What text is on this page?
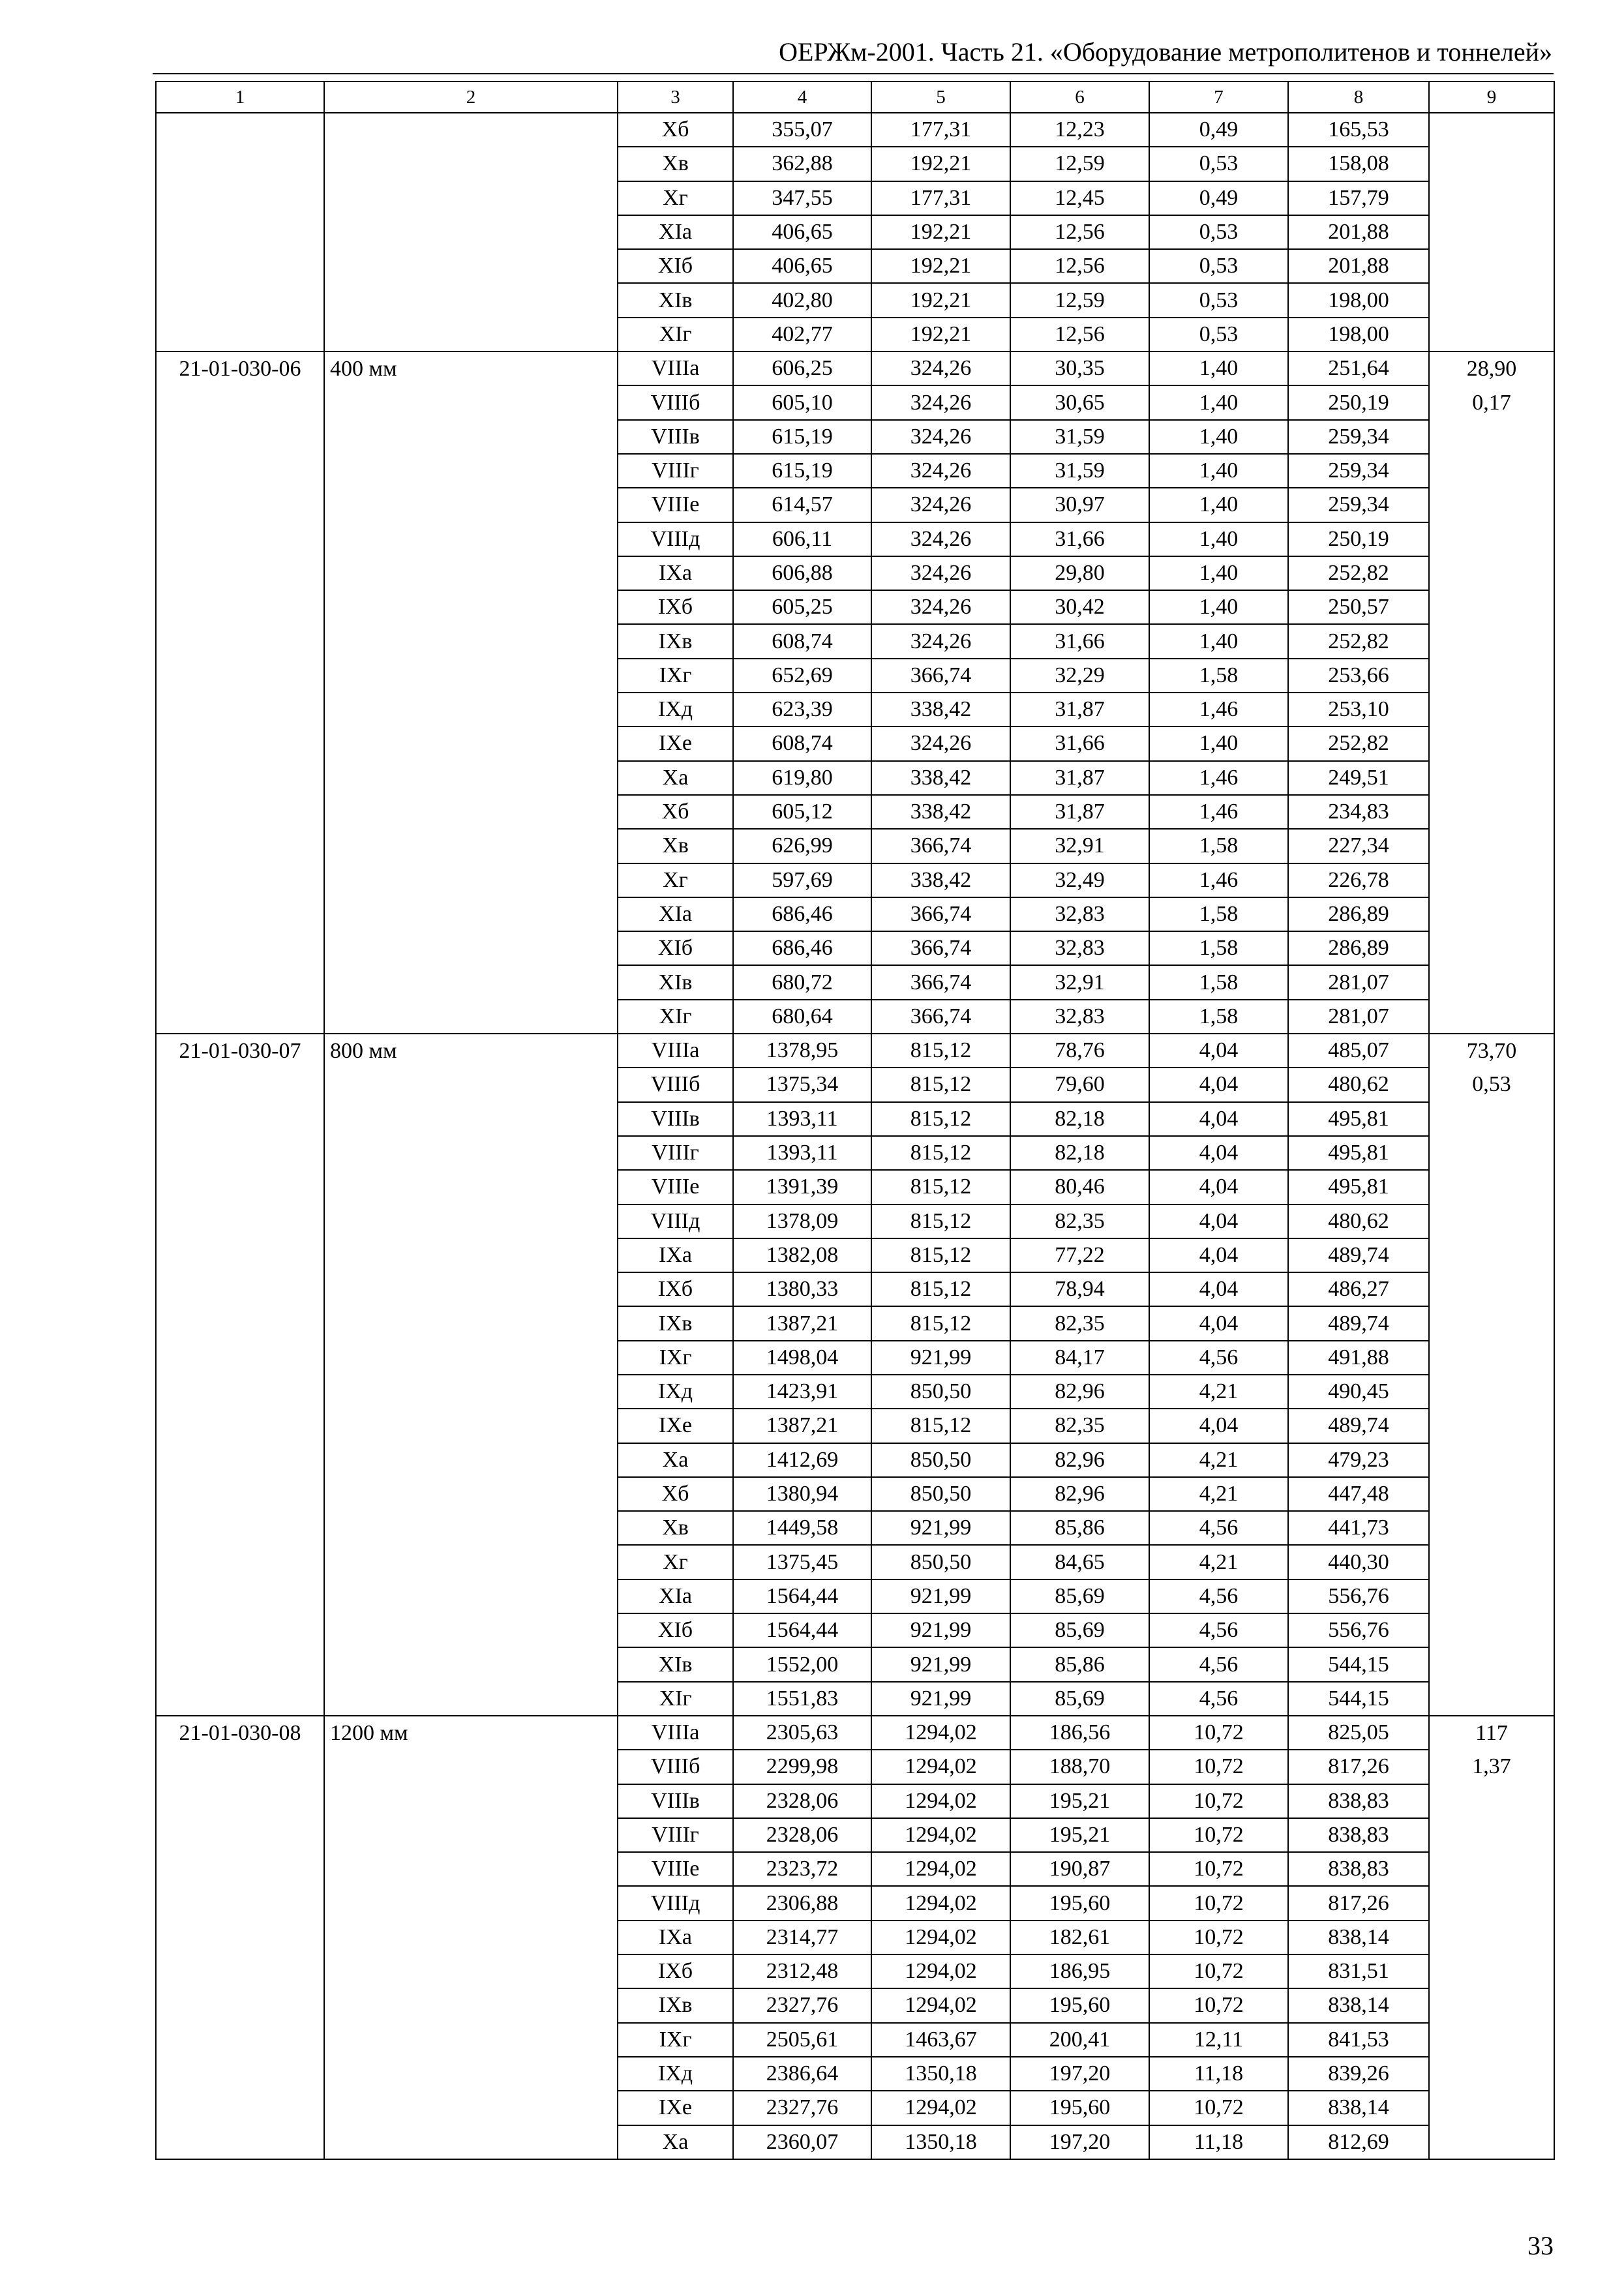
ОЕРЖм-2001. Часть 21. «Оборудование метрополитенов и тоннелей»
1	2	3	4	5	6	7	8	9
		Хб	355,07	177,31	12,23	0,49	165,53	
		Хв	362,88	192,21	12,59	0,53	158,08	
		Хг	347,55	177,31	12,45	0,49	157,79	
		ХIа	406,65	192,21	12,56	0,53	201,88	
		ХIб	406,65	192,21	12,56	0,53	201,88	
		ХIв	402,80	192,21	12,59	0,53	198,00	
		ХIг	402,77	192,21	12,56	0,53	198,00	
21-01-030-06	400 мм	VIIIа	606,25	324,26	30,35	1,40	251,64	28,90
		VIIIб	605,10	324,26	30,65	1,40	250,19	0,17
		VIIIв	615,19	324,26	31,59	1,40	259,34	
		VIIIг	615,19	324,26	31,59	1,40	259,34	
		VIIIе	614,57	324,26	30,97	1,40	259,34	
		VIIIд	606,11	324,26	31,66	1,40	250,19	
		IХа	606,88	324,26	29,80	1,40	252,82	
		IХб	605,25	324,26	30,42	1,40	250,57	
		IХв	608,74	324,26	31,66	1,40	252,82	
		IХг	652,69	366,74	32,29	1,58	253,66	
		IХд	623,39	338,42	31,87	1,46	253,10	
		IХе	608,74	324,26	31,66	1,40	252,82	
		Ха	619,80	338,42	31,87	1,46	249,51	
		Хб	605,12	338,42	31,87	1,46	234,83	
		Хв	626,99	366,74	32,91	1,58	227,34	
		Хг	597,69	338,42	32,49	1,46	226,78	
		ХIа	686,46	366,74	32,83	1,58	286,89	
		ХIб	686,46	366,74	32,83	1,58	286,89	
		ХIв	680,72	366,74	32,91	1,58	281,07	
		ХIг	680,64	366,74	32,83	1,58	281,07	
21-01-030-07	800 мм	VIIIа	1378,95	815,12	78,76	4,04	485,07	73,70
		VIIIб	1375,34	815,12	79,60	4,04	480,62	0,53
		VIIIв	1393,11	815,12	82,18	4,04	495,81	
		VIIIг	1393,11	815,12	82,18	4,04	495,81	
		VIIIе	1391,39	815,12	80,46	4,04	495,81	
		VIIIд	1378,09	815,12	82,35	4,04	480,62	
		IХа	1382,08	815,12	77,22	4,04	489,74	
		IХб	1380,33	815,12	78,94	4,04	486,27	
		IХв	1387,21	815,12	82,35	4,04	489,74	
		IХг	1498,04	921,99	84,17	4,56	491,88	
		IХд	1423,91	850,50	82,96	4,21	490,45	
		IХе	1387,21	815,12	82,35	4,04	489,74	
		Ха	1412,69	850,50	82,96	4,21	479,23	
		Хб	1380,94	850,50	82,96	4,21	447,48	
		Хв	1449,58	921,99	85,86	4,56	441,73	
		Хг	1375,45	850,50	84,65	4,21	440,30	
		ХIа	1564,44	921,99	85,69	4,56	556,76	
		ХIб	1564,44	921,99	85,69	4,56	556,76	
		ХIв	1552,00	921,99	85,86	4,56	544,15	
		ХIг	1551,83	921,99	85,69	4,56	544,15	
21-01-030-08	1200 мм	VIIIа	2305,63	1294,02	186,56	10,72	825,05	117
		VIIIб	2299,98	1294,02	188,70	10,72	817,26	1,37
		VIIIв	2328,06	1294,02	195,21	10,72	838,83	
		VIIIг	2328,06	1294,02	195,21	10,72	838,83	
		VIIIе	2323,72	1294,02	190,87	10,72	838,83	
		VIIIд	2306,88	1294,02	195,60	10,72	817,26	
		IХа	2314,77	1294,02	182,61	10,72	838,14	
		IХб	2312,48	1294,02	186,95	10,72	831,51	
		IХв	2327,76	1294,02	195,60	10,72	838,14	
		IХг	2505,61	1463,67	200,41	12,11	841,53	
		IХд	2386,64	1350,18	197,20	11,18	839,26	
		IХе	2327,76	1294,02	195,60	10,72	838,14	
		Ха	2360,07	1350,18	197,20	11,18	812,69	
33
